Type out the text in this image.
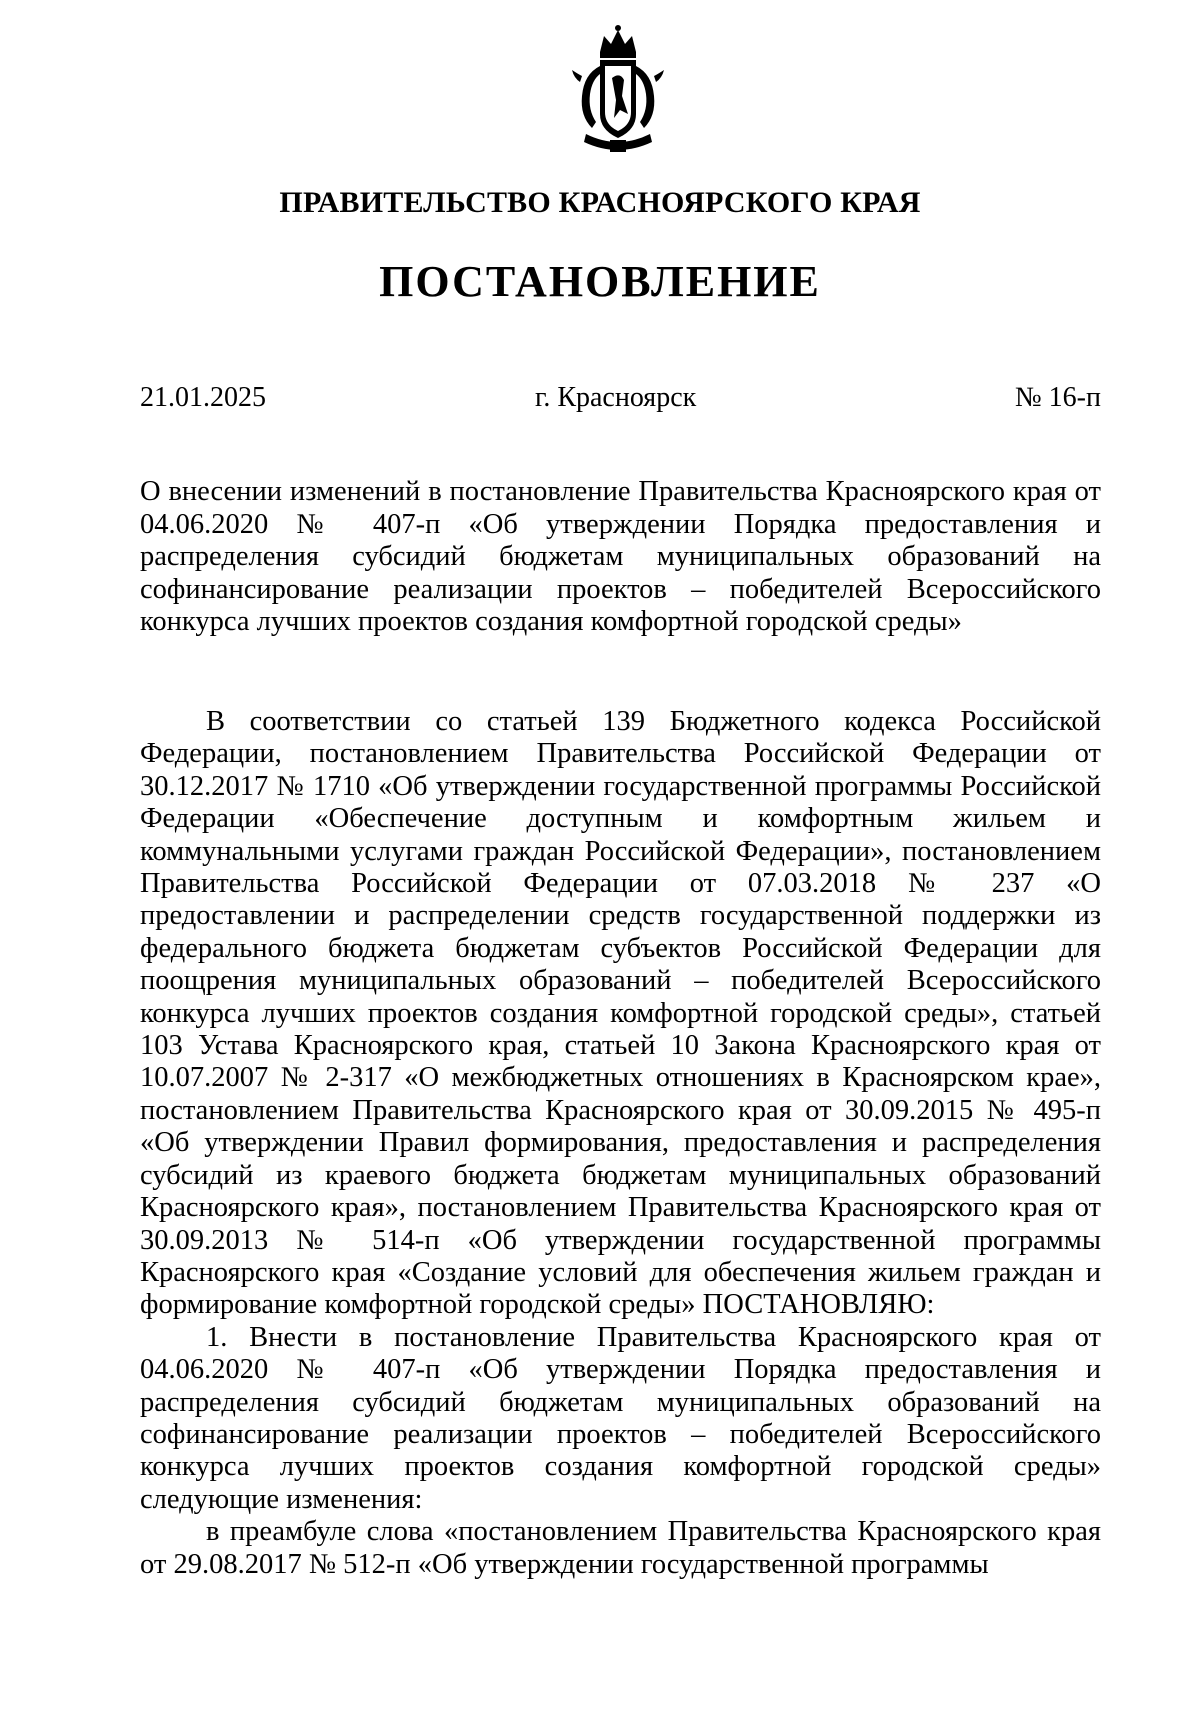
ПРАВИТЕЛЬСТВО КРАСНОЯРСКОГО КРАЯ
ПОСТАНОВЛЕНИЕ
21.01.2025	г. Красноярск	№ 16-п
О внесении изменений в постановление Правительства Красноярского края от 04.06.2020 № 407-п «Об утверждении Порядка предоставления и распределения субсидий бюджетам муниципальных образований на софинансирование реализации проектов – победителей Всероссийского конкурса лучших проектов создания комфортной городской среды»

В соответствии со статьей 139 Бюджетного кодекса Российской Федерации, постановлением Правительства Российской Федерации от 30.12.2017 № 1710 «Об утверждении государственной программы Российской Федерации «Обеспечение доступным и комфортным жильем и коммунальными услугами граждан Российской Федерации», постановлением Правительства Российской Федерации от 07.03.2018 № 237 «О предоставлении и распределении средств государственной поддержки из федерального бюджета бюджетам субъектов Российской Федерации для поощрения муниципальных образований – победителей Всероссийского конкурса лучших проектов создания комфортной городской среды», статьей 103 Устава Красноярского края, статьей 10 Закона Красноярского края от 10.07.2007 № 2-317 «О межбюджетных отношениях в Красноярском крае», постановлением Правительства Красноярского края от 30.09.2015 № 495-п «Об утверждении Правил формирования, предоставления и распределения субсидий из краевого бюджета бюджетам муниципальных образований Красноярского края», постановлением Правительства Красноярского края от 30.09.2013 № 514-п «Об утверждении государственной программы Красноярского края «Создание условий для обеспечения жильем граждан и формирование комфортной городской среды» ПОСТАНОВЛЯЮ:

1. Внести в постановление Правительства Красноярского края от 04.06.2020 № 407-п «Об утверждении Порядка предоставления и распределения субсидий бюджетам муниципальных образований на софинансирование реализации проектов – победителей Всероссийского конкурса лучших проектов создания комфортной городской среды» следующие изменения:

в преамбуле слова «постановлением Правительства Красноярского края от 29.08.2017 № 512-п «Об утверждении государственной программы
